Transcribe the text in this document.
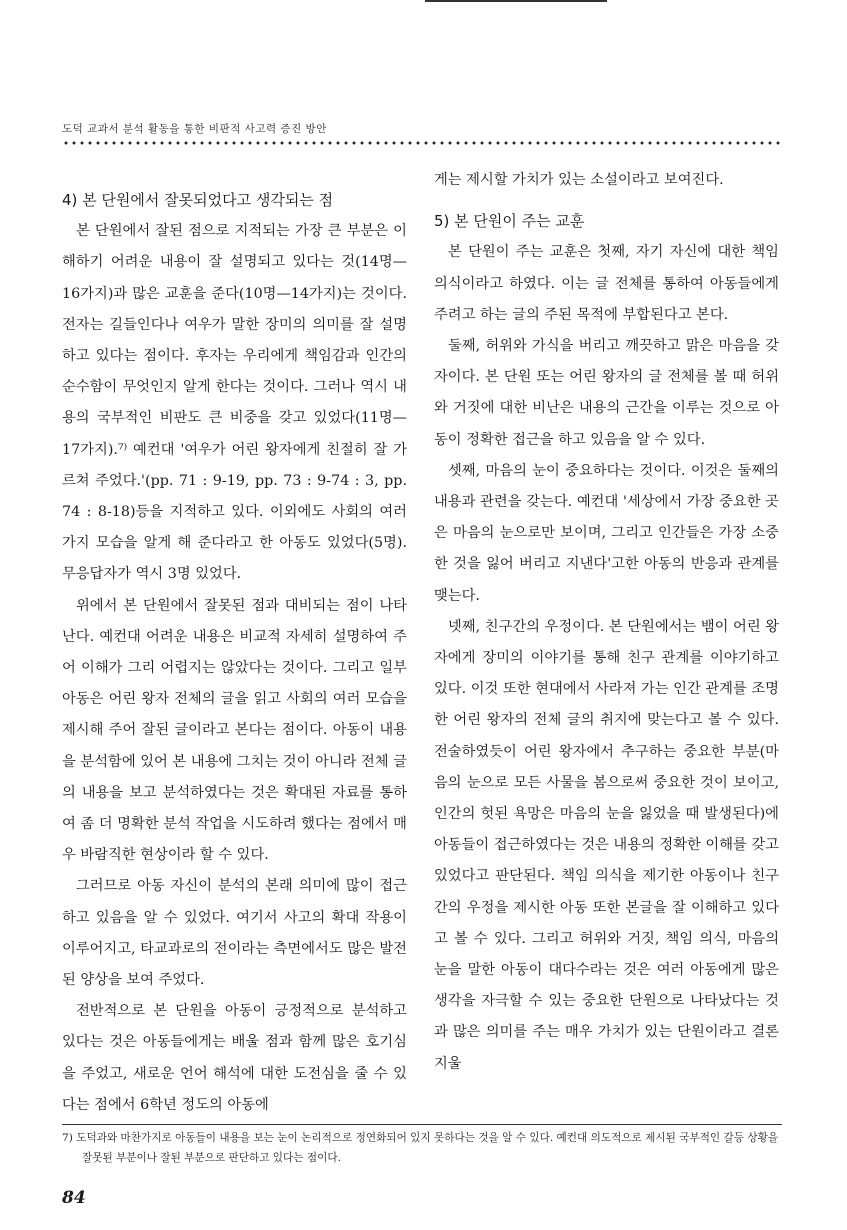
도덕 교과서 분석 활동을 통한 비판적 사고력 증진 방안
4) 본 단원에서 잘못되었다고 생각되는 점

본 단원에서 잘된 점으로 지적되는 가장 큰 부분은 이해하기 어려운 내용이 잘 설명되고 있다는 것(14명—16가지)과 많은 교훈을 준다(10명—14가지)는 것이다. 전자는 길들인다나 여우가 말한 장미의 의미를 잘 설명하고 있다는 점이다. 후자는 우리에게 책임감과 인간의 순수함이 무엇인지 알게 한다는 것이다. 그러나 역시 내용의 국부적인 비판도 큰 비중을 갖고 있었다(11명—17가지).⁷⁾ 예컨대 '여우가 어린 왕자에게 친절히 잘 가르쳐 주었다.'(pp. 71 : 9-19, pp. 73 : 9-74 : 3, pp. 74 : 8-18)등을 지적하고 있다. 이외에도 사회의 여러 가지 모습을 알게 해 준다라고 한 아동도 있었다(5명). 무응답자가 역시 3명 있었다.

위에서 본 단원에서 잘못된 점과 대비되는 점이 나타난다. 예컨대 어려운 내용은 비교적 자세히 설명하여 주어 이해가 그리 어렵지는 않았다는 것이다. 그리고 일부 아동은 어린 왕자 전체의 글을 읽고 사회의 여러 모습을 제시해 주어 잘된 글이라고 본다는 점이다. 아동이 내용을 분석함에 있어 본 내용에 그치는 것이 아니라 전체 글의 내용을 보고 분석하였다는 것은 확대된 자료를 통하여 좀 더 명확한 분석 작업을 시도하려 했다는 점에서 매우 바람직한 현상이라 할 수 있다.

그러므로 아동 자신이 분석의 본래 의미에 많이 접근하고 있음을 알 수 있었다. 여기서 사고의 확대 작용이 이루어지고, 타교과로의 전이라는 측면에서도 많은 발전된 양상을 보여 주었다.

전반적으로 본 단원을 아동이 긍정적으로 분석하고 있다는 것은 아동들에게는 배울 점과 함께 많은 호기심을 주었고, 새로운 언어 해석에 대한 도전심을 줄 수 있다는 점에서 6학년 정도의 아동에

게는 제시할 가치가 있는 소설이라고 보여진다.

5) 본 단원이 주는 교훈

본 단원이 주는 교훈은 첫째, 자기 자신에 대한 책임 의식이라고 하였다. 이는 글 전체를 통하여 아동들에게 주려고 하는 글의 주된 목적에 부합된다고 본다.

둘째, 허위와 가식을 버리고 깨끗하고 맑은 마음을 갖자이다. 본 단원 또는 어린 왕자의 글 전체를 볼 때 허위와 거짓에 대한 비난은 내용의 근간을 이루는 것으로 아동이 정확한 접근을 하고 있음을 알 수 있다.

셋째, 마음의 눈이 중요하다는 것이다. 이것은 둘째의 내용과 관련을 갖는다. 예컨대 '세상에서 가장 중요한 곳은 마음의 눈으로만 보이며, 그리고 인간들은 가장 소중한 것을 잃어 버리고 지낸다'고한 아동의 반응과 관계를 맺는다.

넷째, 친구간의 우정이다. 본 단원에서는 뱀이 어린 왕자에게 장미의 이야기를 통해 친구 관계를 이야기하고 있다. 이것 또한 현대에서 사라져 가는 인간 관계를 조명한 어린 왕자의 전체 글의 취지에 맞는다고 볼 수 있다. 전술하였듯이 어린 왕자에서 추구하는 중요한 부분(마음의 눈으로 모든 사물을 봄으로써 중요한 것이 보이고, 인간의 헛된 욕망은 마음의 눈을 잃었을 때 발생된다)에 아동들이 접근하였다는 것은 내용의 정확한 이해를 갖고 있었다고 판단된다. 책임 의식을 제기한 아동이나 친구간의 우정을 제시한 아동 또한 본글을 잘 이해하고 있다고 볼 수 있다. 그리고 허위와 거짓, 책임 의식, 마음의 눈을 말한 아동이 대다수라는 것은 여러 아동에게 많은 생각을 자극할 수 있는 중요한 단원으로 나타났다는 것과 많은 의미를 주는 매우 가치가 있는 단원이라고 결론 지울

7) 도덕과와 마찬가지로 아동들이 내용을 보는 눈이 논리적으로 정연화되어 있지 못하다는 것을 알 수 있다. 예컨대 의도적으로 제시된 국부적인 갈등 상황을 잘못된 부분이나 잘된 부분으로 판단하고 있다는 점이다.

84
